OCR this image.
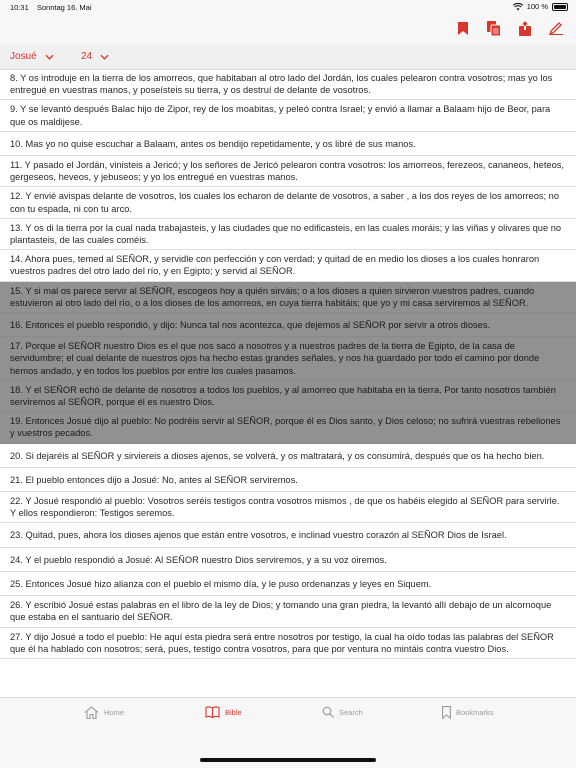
10:31 Sonntag 16. Mai	100 %
Josué	24
8. Y os introduje en la tierra de los amorreos, que habitaban al otro lado del Jordán, los cuales pelearon contra vosotros; mas yo los entregué en vuestras manos, y poseísteis su tierra, y os destruí de delante de vosotros.
9. Y se levantó después Balac hijo de Zipor, rey de los moabitas, y peleó contra Israel; y envió a llamar a Balaam hijo de Beor, para que os maldijese.
10. Mas yo no quise escuchar a Balaam, antes os bendijo repetidamente, y os libré de sus manos.
11. Y pasado el Jordán, vinisteis a Jericó; y los señores de Jericó pelearon contra vosotros: los amorreos, ferezeos, cananeos, heteos, gergeseos, heveos, y jebuseos; y yo los entregué en vuestras manos.
12. Y envié avispas delante de vosotros, los cuales los echaron de delante de vosotros, a saber , a los dos reyes de los amorreos; no con tu espada, ni con tu arco.
13. Y os di la tierra por la cual nada trabajasteis, y las ciudades que no edificasteis, en las cuales moráis; y las viñas y olivares que no plantasteis, de las cuales coméis.
14. Ahora pues, temed al SEÑOR, y servidle con perfección y con verdad; y quitad de en medio los dioses a los cuales honraron vuestros padres del otro lado del río, y en Egipto; y servid al SEÑOR.
15. Y si mal os parece servir al SEÑOR, escogeos hoy a quién sirváis; o a los dioses a quien sirvieron vuestros padres, cuando estuvieron al otro lado del río, o a los dioses de los amorreos, en cuya tierra habitáis; que yo y mi casa serviremos al SEÑOR.
16. Entonces el pueblo respondió, y dijo: Nunca tal nos acontezca, que dejemos al SEÑOR por servir a otros dioses.
17. Porque el SEÑOR nuestro Dios es el que nos sacó a nosotros y a nuestros padres de la tierra de Egipto, de la casa de servidumbre; el cual delante de nuestros ojos ha hecho estas grandes señales, y nos ha guardado por todo el camino por donde hemos andado, y en todos los pueblos por entre los cuales pasamos.
18. Y el SEÑOR echó de delante de nosotros a todos los pueblos, y al amorreo que habitaba en la tierra. Por tanto nosotros también serviremos al SEÑOR, porque él es nuestro Dios.
19. Entonces Josué dijo al pueblo: No podréis servir al SEÑOR, porque él es Dios santo, y Dios celoso; no sufrirá vuestras rebeliones y vuestros pecados.
20. Si dejaréis al SEÑOR y sirviereis a dioses ajenos, se volverá, y os maltratará, y os consumirá, después que os ha hecho bien.
21. El pueblo entonces dijo a Josué: No, antes al SEÑOR serviremos.
22. Y Josué respondió al pueblo: Vosotros seréis testigos contra vosotros mismos , de que os habéis elegido al SEÑOR para servirle. Y ellos respondieron: Testigos seremos.
23. Quitad, pues, ahora los dioses ajenos que están entre vosotros, e inclinad vuestro corazón al SEÑOR Dios de Israel.
24. Y el pueblo respondió a Josué: Al SEÑOR nuestro Dios serviremos, y a su voz oiremos.
25. Entonces Josué hizo alianza con el pueblo el mismo día, y le puso ordenanzas y leyes en Siquem.
26. Y escribió Josué estas palabras en el libro de la ley de Dios; y tomando una gran piedra, la levantó allí debajo de un alcornoque que estaba en el santuario del SEÑOR.
27. Y dijo Josué a todo el pueblo: He aquí esta piedra será entre nosotros por testigo, la cual ha oído todas las palabras del SEÑOR que él ha hablado con nosotros; será, pues, testigo contra vosotros, para que por ventura no mintáis contra vuestro Dios.
Home	Bible	Search	Bookmarks
